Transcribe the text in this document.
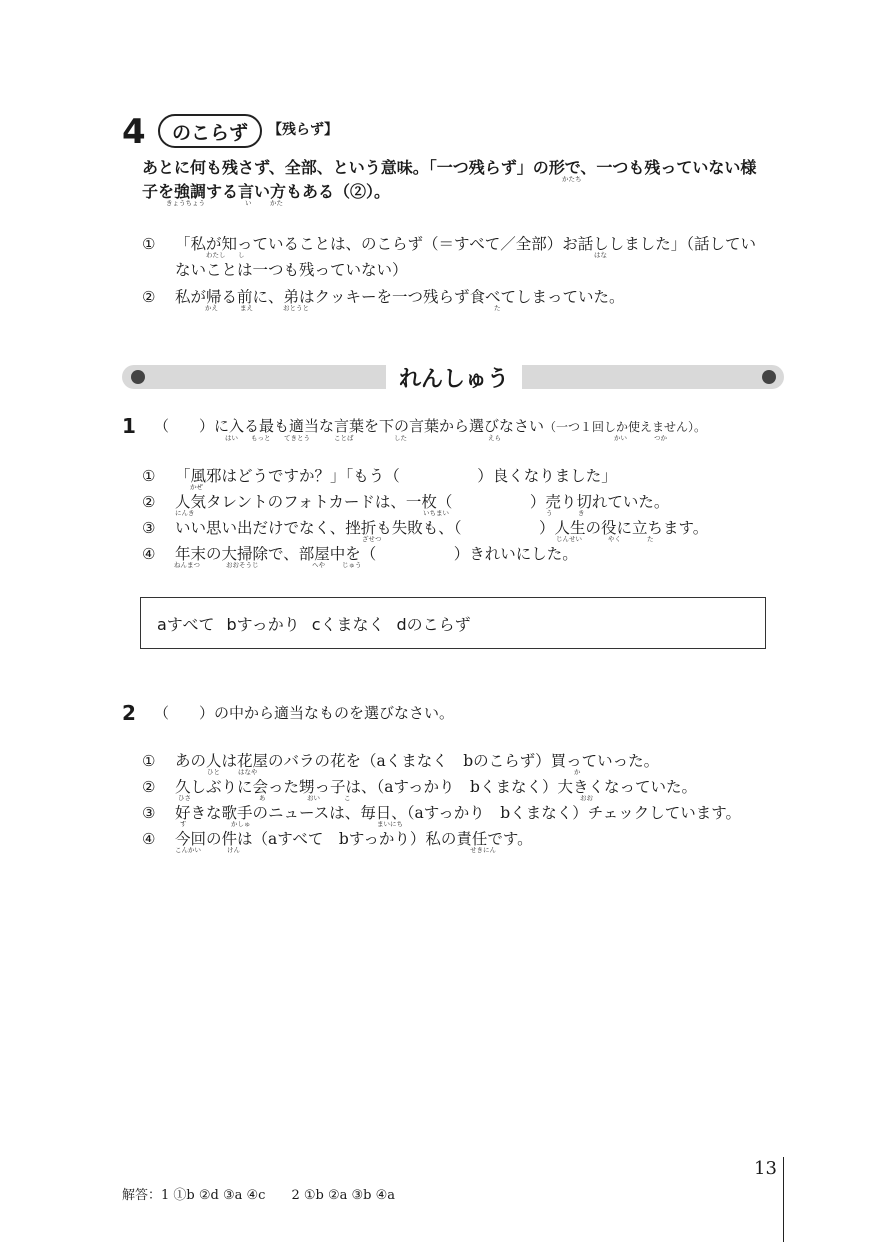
4	のこらず	【残らず】
あとに何も残さず、全部、という意味。「一つ残らず」の形で、一つも残っていない様
かたち
子を強調する言い方もある（②）。
きょうちょう	い	かた
① 「私が知っていることは、のこらず（＝すべて／全部）お話ししました」（話してい
わたし し	はな
ないことは一つも残っていない）
② 私が帰る前に、弟はクッキーを一つ残らず食べてしまっていた。
かえ	まえ	おとうと	た
れんしゅう
1 （　　）に入る最も適当な言葉を下の言葉から選びなさい（一つ１回しか使えません）。
はい もっと てきとう	ことば	した	えら	かい	つか
① 「風邪はどうですか？」「もう（　　　　　）良くなりました」
かぜ
② 人気タレントのフォトカードは、一枚（　　　　　）売り切れていた。
にんき	いちまい	う	き
③ いい思い出だけでなく、挫折も失敗も、（　　　　　）人生の役に立ちます。
ざせつ	じんせい	やく	た
④ 年末の大掃除で、部屋中を（　　　　　）きれいにした。
ねんまつ	おおそうじ	へや	じゅう
aすべて bすっかり cくまなく dのこらず
2 （　　）の中から適当なものを選びなさい。
① あの人は花屋のバラの花を（aくまなく　bのこらず）買っていった。
ひと	はなや	か
② 久しぶりに会った甥っ子は、（aすっかり　bくまなく）大きくなっていた。
ひさ	あ	おい	こ	おお
③ 好きな歌手のニュースは、毎日、（aすっかり　bくまなく）チェックしています。
す	かしゅ	まいにち
④ 今回の件は（aすべて　bすっかり）私の責任です。
こんかい	けん	せきにん
13
解答：1 ①b ②d ③a ④c　　2 ①b ②a ③b ④a
